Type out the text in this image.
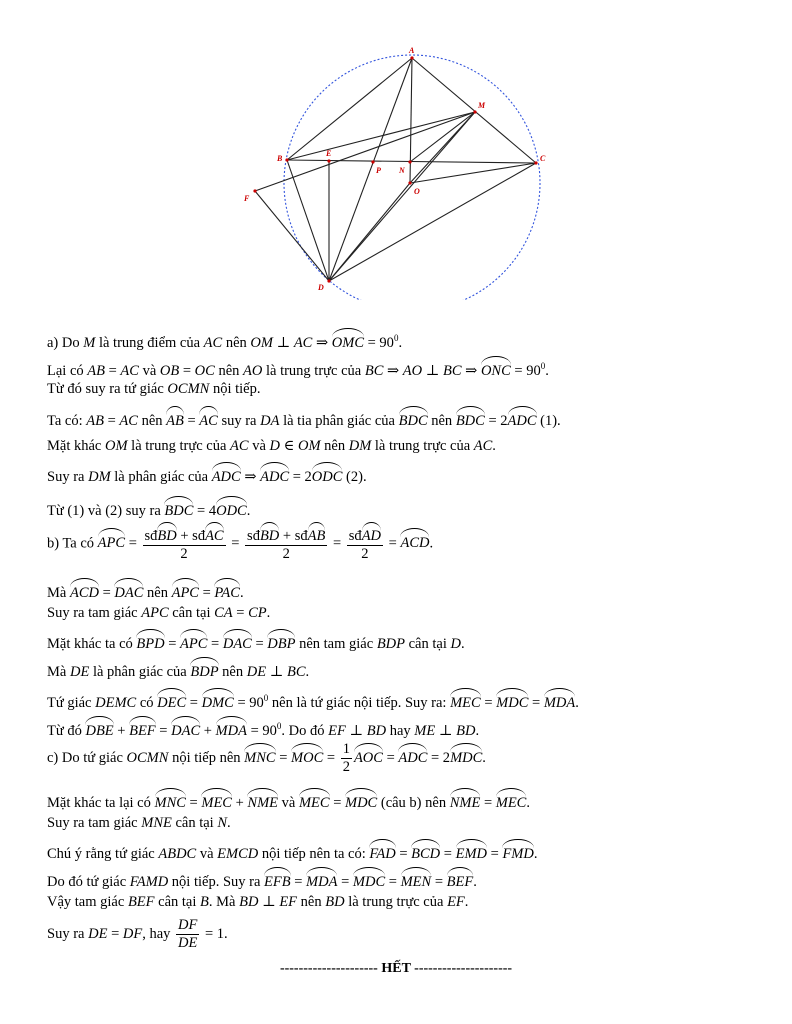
A
M
B
E
P N
C
O
F
D
a) Do M là trung điểm của AC nên OM ⊥ AC ⇒ OMC = $90^0$.
Lại có AB = AC và OB = OC nên AO là trung trực của BC ⇒ AO ⊥ BC ⇒ ONC = $90^0$.
Từ đó suy ra tứ giác OCMN nội tiếp.
Ta có: AB = AC nên AB = AC suy ra DA là tia phân giác của BDC nên BDC = 2ADC (1).
Mặt khác OM là trung trực của AC và D ∈ OM nên DM là trung trực của AC.
Suy ra DM là phân giác của ADC ⇒ ADC = 2ODC (2).
Từ (1) và (2) suy ra BDC = 4ODC.
b) Ta có APC = $\frac{\text{sđBD + sđAC}}{2} = \frac{\text{sđBD + sđAB}}{2} = \frac{\text{sđAD}}{2}$ = ACD.
Mà ACD = DAC nên APC = PAC.
Suy ra tam giác APC cân tại CA = CP.
Mặt khác ta có BPD = APC = DAC = DBP nên tam giác BDP cân tại D.
Mà DE là phân giác của BDP nên DE ⊥ BC.
Tứ giác DEMC có DEC = DMC = $90^0$ nên là tứ giác nội tiếp. Suy ra: MEC = MDC = MDA.
Từ đó DBE + BEF = DAC + MDA = $90^0$. Do đó EF ⊥ BD hay ME ⊥ BD.
c) Do tứ giác OCMN nội tiếp nên MNC = MOC = $\frac{1}{2}$ AOC = ADC = 2MDC.
Mặt khác ta lại có MNC = MEC + NME và MEC = MDC (câu b) nên NME = MEC.
Suy ra tam giác MNE cân tại N.
Chú ý rằng tứ giác ABDC và EMCD nội tiếp nên ta có: FAD = BCD = EMD = FMD.
Do đó tứ giác FAMD nội tiếp. Suy ra EFB = MDA = MDC = MEN = BEF.
Vậy tam giác BEF cân tại B. Mà BD ⊥ EF nên BD là trung trực của EF.
Suy ra DE = DF, hay $\frac{DF}{DE} = 1$.
--------------------- HẾT ---------------------
